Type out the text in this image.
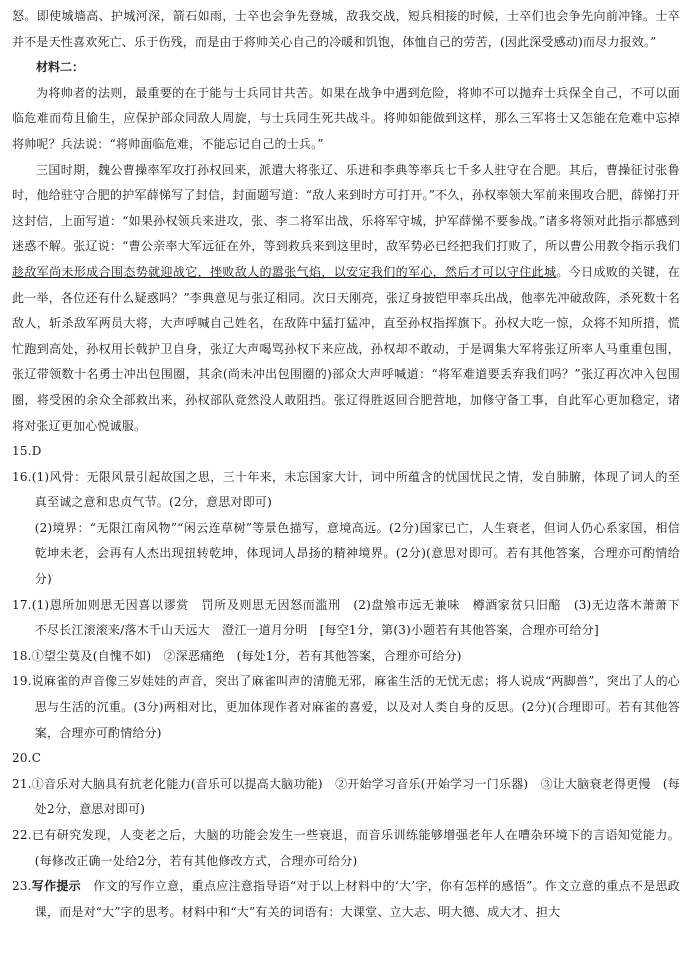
怒。即使城墙高、护城河深，箭石如雨，士卒也会争先登城，敌我交战，短兵相接的时候，士卒们也会争先向前冲锋。士卒并不是天性喜欢死亡、乐于伤残，而是由于将帅关心自己的冷暖和饥饱，体恤自己的劳苦，(因此深受感动)而尽力报效。”

材料二：

为将帅者的法则，最重要的在于能与士兵同甘共苦。如果在战争中遇到危险，将帅不可以抛弃士兵保全自己，不可以面临危难而苟且偷生，应保护部众同敌人周旋，与士兵同生死共战斗。将帅如能做到这样，那么三军将士又怎能在危难中忘掉将帅呢？兵法说：“将帅面临危难，不能忘记自己的士兵。”

三国时期，魏公曹操率军攻打孙权回来，派遣大将张辽、乐进和李典等率兵七千多人驻守在合肥。其后，曹操征讨张鲁时，他给驻守合肥的护军薛悌写了封信，封面题写道：“敌人来到时方可打开。”不久，孙权率领大军前来围攻合肥，薛悌打开这封信，上面写道：“如果孙权领兵来进攻，张、李二将军出战，乐将军守城，护军薛悌不要参战。”诸多将领对此指示都感到迷惑不解。张辽说：“曹公亲率大军远征在外，等到救兵来到这里时，敌军势必已经把我们打败了，所以曹公用教令指示我们趁敌军尚未形成合围态势就迎战它，挫败敌人的嚣张气焰，以安定我们的军心，然后才可以守住此城。今日成败的关键，在此一举，各位还有什么疑惑吗？”李典意见与张辽相同。次日天刚亮，张辽身披铠甲率兵出战，他率先冲破敌阵，杀死数十名敌人，斩杀敌军两员大将，大声呼喊自己姓名，在敌阵中猛打猛冲，直至孙权指挥旗下。孙权大吃一惊，众将不知所措，慌忙跑到高处，孙权用长戟护卫自身，张辽大声喝骂孙权下来应战，孙权却不敢动，于是调集大军将张辽所率人马重重包围，张辽带领数十名勇士冲出包围圈，其余(尚未冲出包围圈的)部众大声呼喊道：“将军难道要丢弃我们吗？”张辽再次冲入包围圈，将受困的余众全部救出来，孙权部队竟然没人敢阻挡。张辽得胜返回合肥营地，加修守备工事，自此军心更加稳定，诸将对张辽更加心悦诚服。

15.D

16.(1)风骨：无限风景引起故国之思，三十年来，未忘国家大计，词中所蕴含的忧国忧民之情，发自肺腑，体现了词人的至真至诚之意和忠贞气节。(2分，意思对即可)

(2)境界：“无限江南风物”“闲云连草树”等景色描写，意境高远。(2分)国家已亡，人生衰老，但词人仍心系家国，相信乾坤未老，会再有人杰出现扭转乾坤，体现词人昂扬的精神境界。(2分)(意思对即可。若有其他答案，合理亦可酌情给分)

17.(1)恩所加则思无因喜以谬赏　罚所及则思无因怒而滥刑　(2)盘飧市远无兼味　樽酒家贫只旧醅　(3)无边落木萧萧下　不尽长江滚滚来/落木千山天远大　澄江一道月分明　[每空1分，第(3)小题若有其他答案，合理亦可给分]

18.①望尘莫及(自愧不如)　②深恶痛绝　(每处1分，若有其他答案，合理亦可给分)

19.说麻雀的声音像三岁娃娃的声音，突出了麻雀叫声的清脆无邪，麻雀生活的无忧无虑；将人说成“两脚兽”，突出了人的心思与生活的沉重。(3分)两相对比，更加体现作者对麻雀的喜爱，以及对人类自身的反思。(2分)(合理即可。若有其他答案，合理亦可酌情给分)

20.C

21.①音乐对大脑具有抗老化能力(音乐可以提高大脑功能)　②开始学习音乐(开始学习一门乐器)　③让大脑衰老得更慢　(每处2分，意思对即可)

22.已有研究发现，人变老之后，大脑的功能会发生一些衰退，而音乐训练能够增强老年人在嘈杂环境下的言语知觉能力。(每修改正确一处给2分，若有其他修改方式，合理亦可给分)

23.写作提示　作文的写作立意，重点应注意指导语“对于以上材料中的‘大’字，你有怎样的感悟”。作文立意的重点不是思政课，而是对“大”字的思考。材料中和“大”有关的词语有：大课堂、立大志、明大德、成大才、担大
